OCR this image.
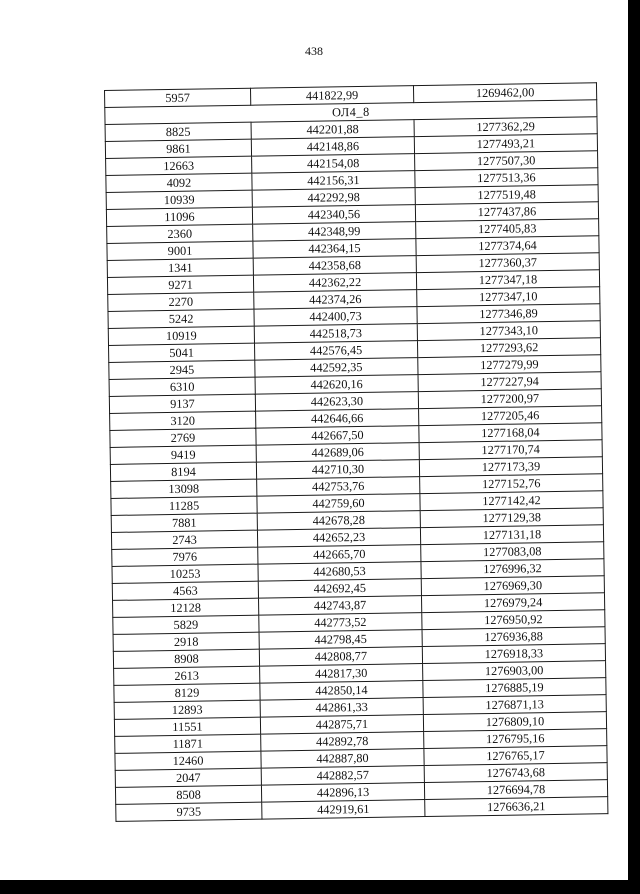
438
5957	441822,99	1269462,00
ОЛ4_8		
8825	442201,88	1277362,29
9861	442148,86	1277493,21
12663	442154,08	1277507,30
4092	442156,31	1277513,36
10939	442292,98	1277519,48
11096	442340,56	1277437,86
2360	442348,99	1277405,83
9001	442364,15	1277374,64
1341	442358,68	1277360,37
9271	442362,22	1277347,18
2270	442374,26	1277347,10
5242	442400,73	1277346,89
10919	442518,73	1277343,10
5041	442576,45	1277293,62
2945	442592,35	1277279,99
6310	442620,16	1277227,94
9137	442623,30	1277200,97
3120	442646,66	1277205,46
2769	442667,50	1277168,04
9419	442689,06	1277170,74
8194	442710,30	1277173,39
13098	442753,76	1277152,76
11285	442759,60	1277142,42
7881	442678,28	1277129,38
2743	442652,23	1277131,18
7976	442665,70	1277083,08
10253	442680,53	1276996,32
4563	442692,45	1276969,30
12128	442743,87	1276979,24
5829	442773,52	1276950,92
2918	442798,45	1276936,88
8908	442808,77	1276918,33
2613	442817,30	1276903,00
8129	442850,14	1276885,19
12893	442861,33	1276871,13
11551	442875,71	1276809,10
11871	442892,78	1276795,16
12460	442887,80	1276765,17
2047	442882,57	1276743,68
8508	442896,13	1276694,78
9735	442919,61	1276636,21
